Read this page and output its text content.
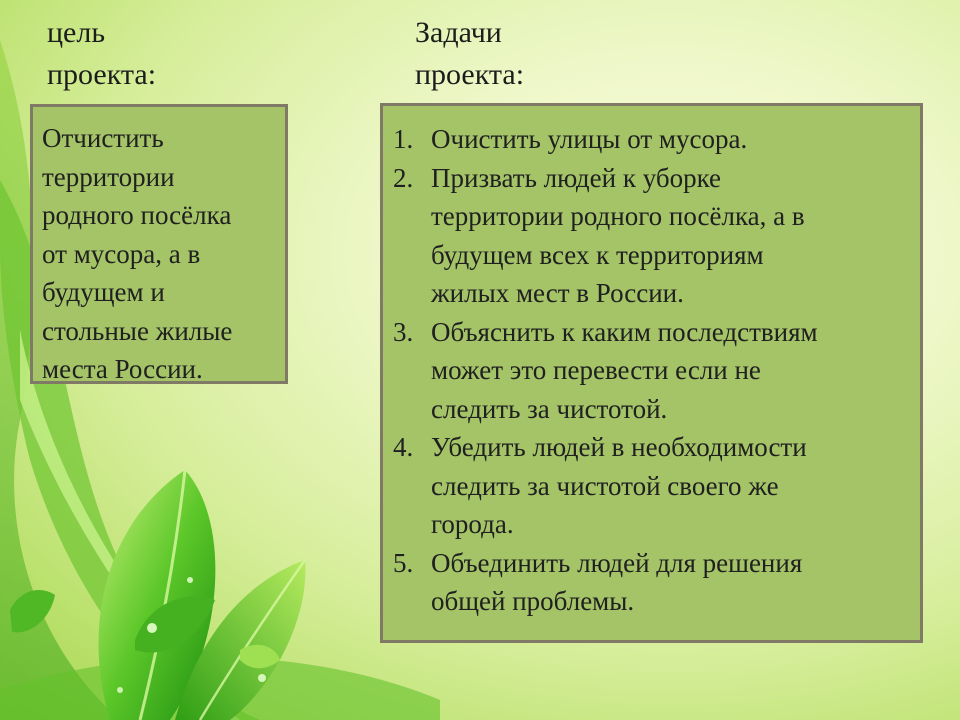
цель
проекта:
Задачи
проекта:
Отчистить
территории
родного посёлка
от мусора, а в
будущем и
стольные жилые
места России.
1. Очистить улицы от мусора.
2. Призвать людей к уборке
территории родного посёлка, а в
будущем всех к территориям
жилых мест в России.
3. Объяснить к каким последствиям
может это перевести если не
следить за чистотой.
4. Убедить людей в необходимости
следить за чистотой своего же
города.
5. Объединить людей для решения
общей проблемы.
